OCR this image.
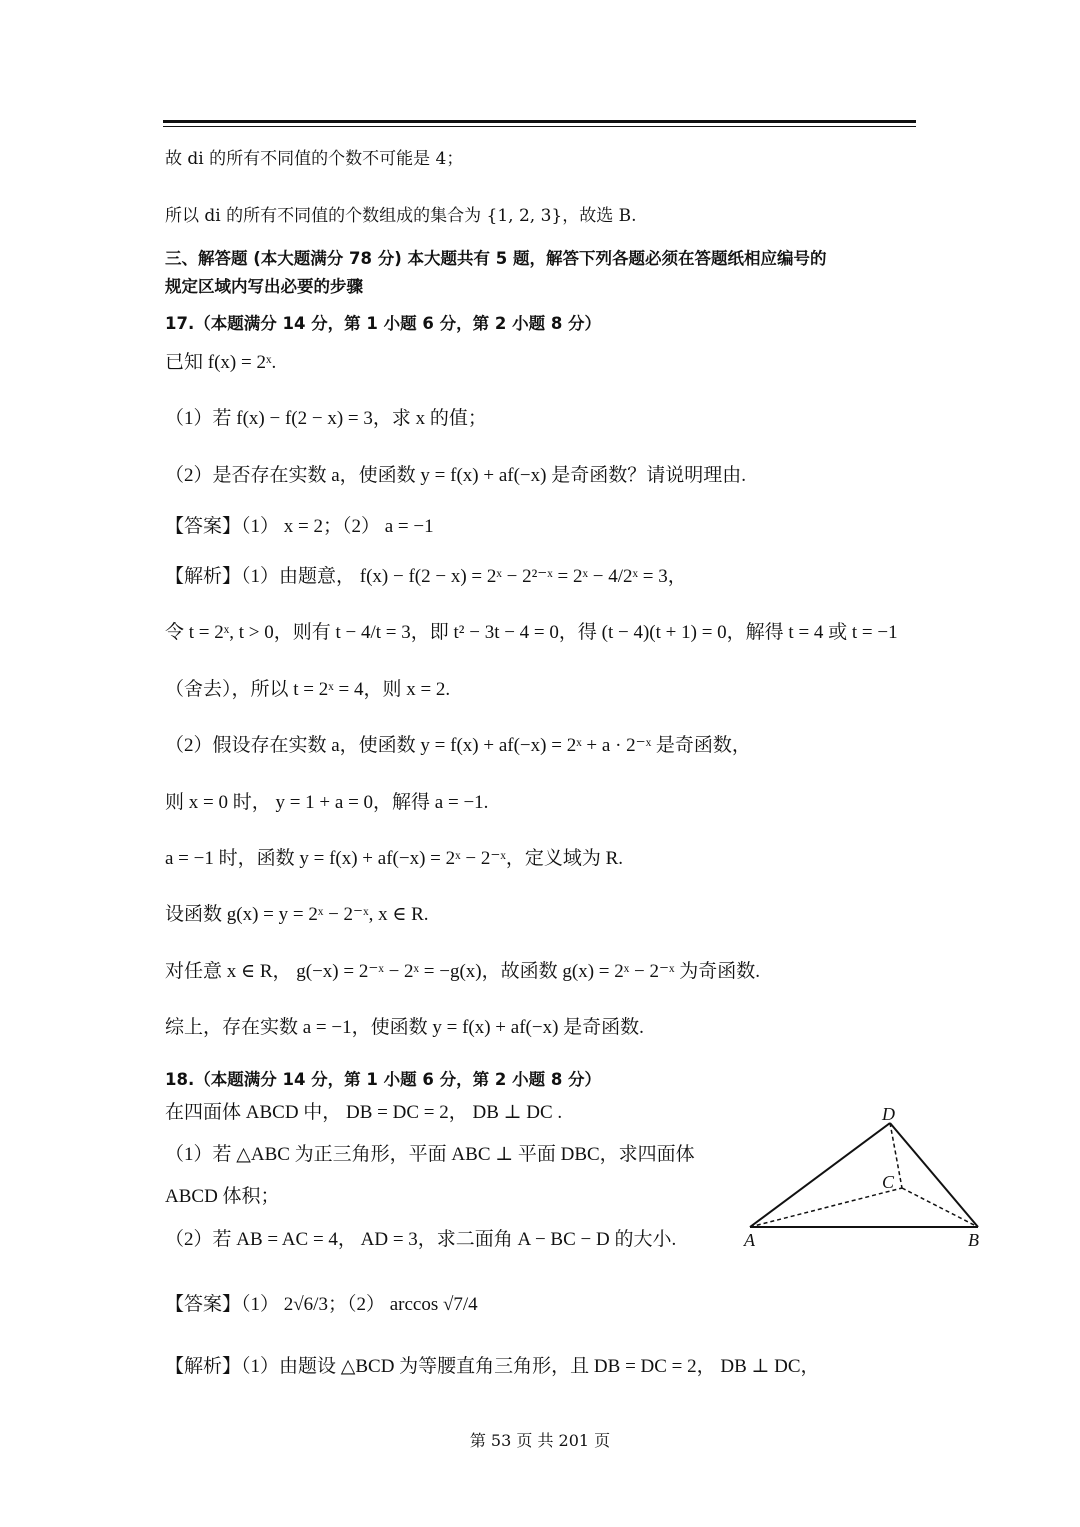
故 di 的所有不同值的个数不可能是 4；
所以 di 的所有不同值的个数组成的集合为 {1, 2, 3}，故选 B.
三、解答题 (本大题满分 78 分) 本大题共有 5 题，解答下列各题必须在答题纸相应编号的
规定区域内写出必要的步骤
17.（本题满分 14 分，第 1 小题 6 分，第 2 小题 8 分）
已知 f(x) = 2ˣ.
（1）若 f(x) − f(2 − x) = 3，求 x 的值；
（2）是否存在实数 a，使函数 y = f(x) + af(−x) 是奇函数？请说明理由.
【答案】（1） x = 2；（2） a = −1
【解析】（1）由题意， f(x) − f(2 − x) = 2ˣ − 2²⁻ˣ = 2ˣ − 4/2ˣ = 3，
令 t = 2ˣ, t > 0，则有 t − 4/t = 3，即 t² − 3t − 4 = 0，得 (t − 4)(t + 1) = 0，解得 t = 4 或 t = −1
（舍去），所以 t = 2ˣ = 4，则 x = 2.
（2）假设存在实数 a，使函数 y = f(x) + af(−x) = 2ˣ + a · 2⁻ˣ 是奇函数，
则 x = 0 时， y = 1 + a = 0，解得 a = −1.
a = −1 时，函数 y = f(x) + af(−x) = 2ˣ − 2⁻ˣ，定义域为 R.
设函数 g(x) = y = 2ˣ − 2⁻ˣ, x ∈ R.
对任意 x ∈ R， g(−x) = 2⁻ˣ − 2ˣ = −g(x)，故函数 g(x) = 2ˣ − 2⁻ˣ 为奇函数.
综上，存在实数 a = −1，使函数 y = f(x) + af(−x) 是奇函数.
18.（本题满分 14 分，第 1 小题 6 分，第 2 小题 8 分）
在四面体 ABCD 中， DB = DC = 2， DB ⊥ DC .
（1）若 △ABC 为正三角形，平面 ABC ⊥ 平面 DBC，求四面体
ABCD 体积；
（2）若 AB = AC = 4， AD = 3，求二面角 A − BC − D 的大小.
【答案】（1） 2√6/3；（2） arccos √7/4
【解析】（1）由题设 △BCD 为等腰直角三角形，且 DB = DC = 2， DB ⊥ DC，
D
C
A	B
第 53 页 共 201 页
